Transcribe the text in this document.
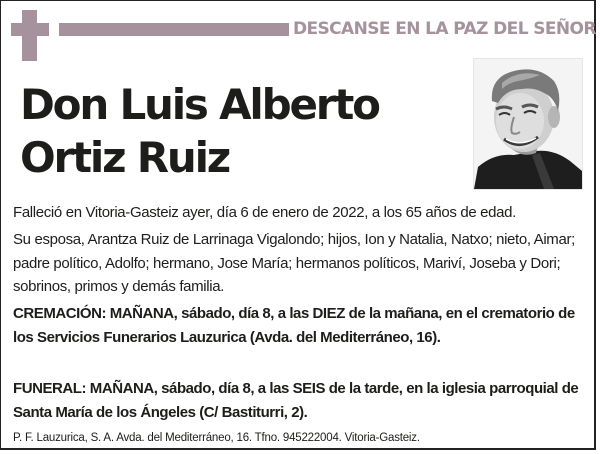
DESCANSE EN LA PAZ DEL SEÑOR
Don Luis Alberto
Ortiz Ruiz
Falleció en Vitoria-Gasteiz ayer, día 6 de enero de 2022, a los 65 años de edad.
Su esposa, Arantza Ruiz de Larrinaga Vigalondo; hijos, Ion y Natalia, Natxo; nieto, Aimar; padre político, Adolfo; hermano, Jose María; hermanos políticos, Mariví, Joseba y Dori; sobrinos, primos y demás familia.
CREMACIÓN: MAÑANA, sábado, día 8, a las DIEZ de la mañana, en el crematorio de los Servicios Funerarios Lauzurica (Avda. del Mediterráneo, 16).
FUNERAL: MAÑANA, sábado, día 8, a las SEIS de la tarde, en la iglesia parroquial de Santa María de los Ángeles (C/ Bastiturri, 2).
P. F. Lauzurica, S. A. Avda. del Mediterráneo, 16. Tfno. 945222004. Vitoria-Gasteiz.
